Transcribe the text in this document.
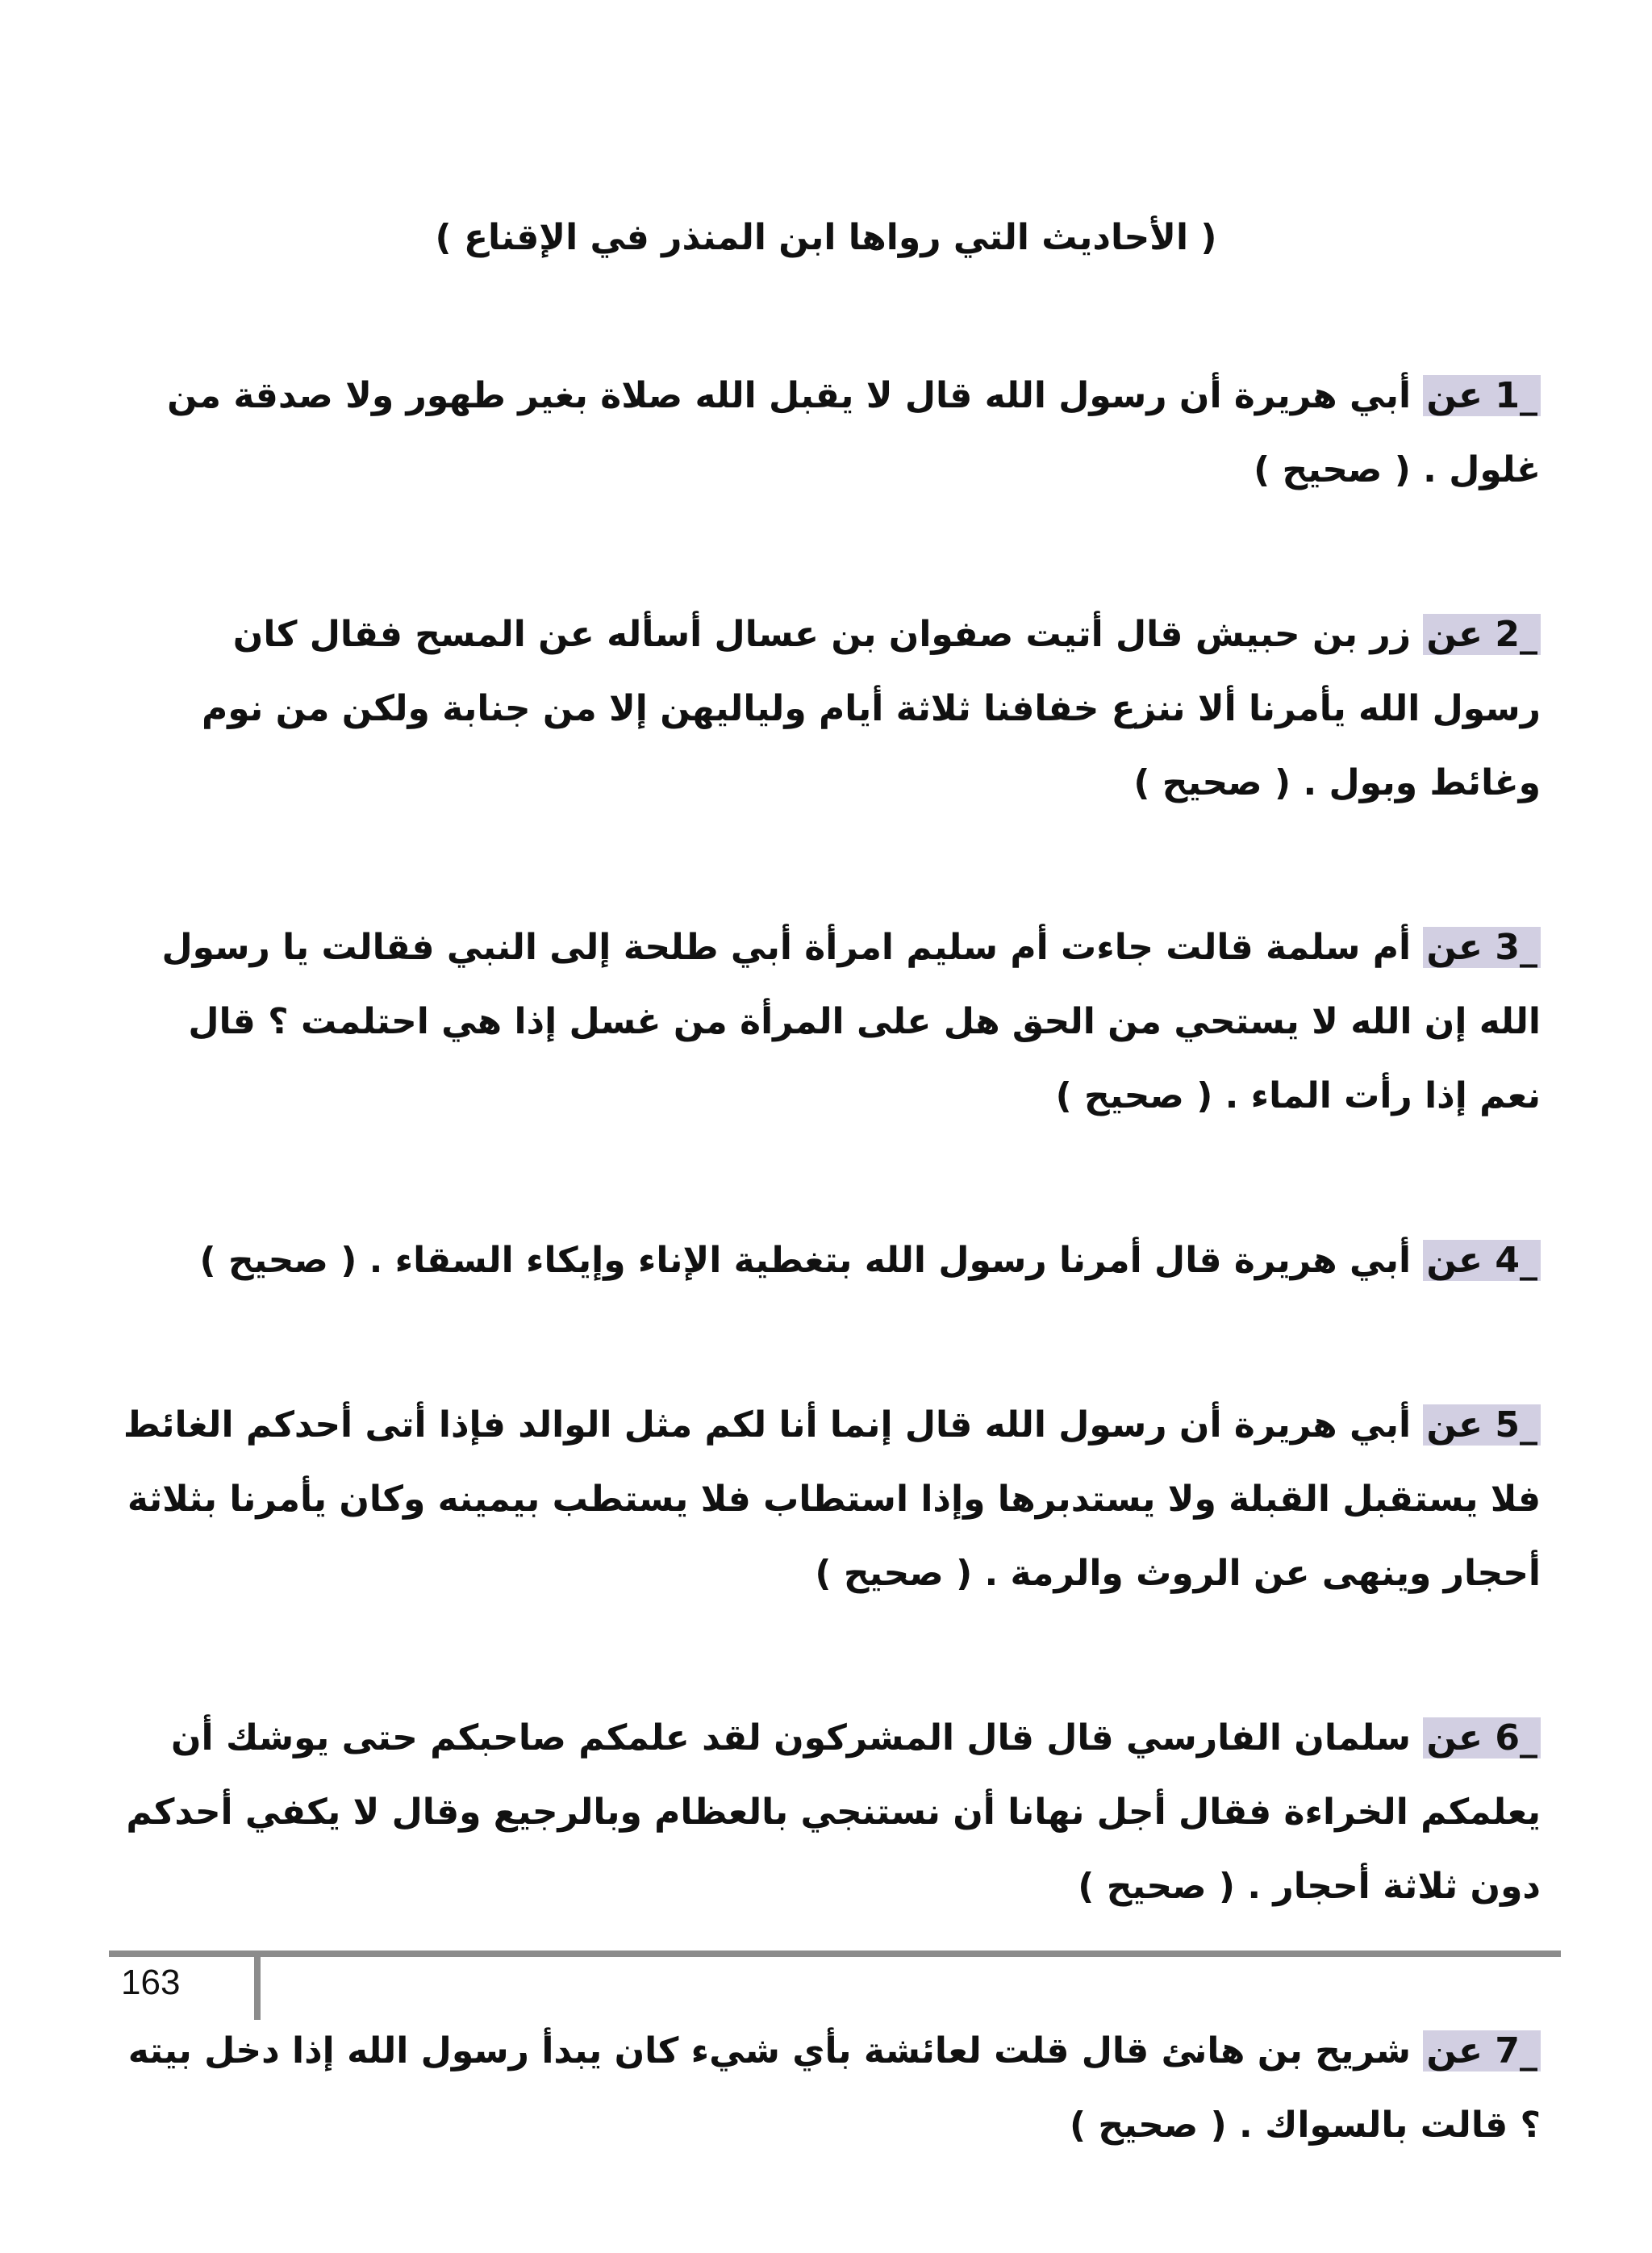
( الأحاديث التي رواها ابن المنذر في الإقناع )
1_ عن أبي هريرة أن رسول الله قال لا يقبل الله صلاة بغير طهور ولا صدقة من غلول . ( صحيح )
2_ عن زر بن حبيش قال أتيت صفوان بن عسال أسأله عن المسح فقال كان رسول الله يأمرنا ألا ننزع خفافنا ثلاثة أيام ولياليهن إلا من جنابة ولكن من نوم وغائط وبول . ( صحيح )
3_ عن أم سلمة قالت جاءت أم سليم امرأة أبي طلحة إلى النبي فقالت يا رسول الله إن الله لا يستحي من الحق هل على المرأة من غسل إذا هي احتلمت ؟ قال نعم إذا رأت الماء . ( صحيح )
4_ عن أبي هريرة قال أمرنا رسول الله بتغطية الإناء وإيكاء السقاء . ( صحيح )
5_ عن أبي هريرة أن رسول الله قال إنما أنا لكم مثل الوالد فإذا أتى أحدكم الغائط فلا يستقبل القبلة ولا يستدبرها وإذا استطاب فلا يستطب بيمينه وكان يأمرنا بثلاثة أحجار وينهى عن الروث والرمة . ( صحيح )
6_ عن سلمان الفارسي قال قال المشركون لقد علمكم صاحبكم حتى يوشك أن يعلمكم الخراءة فقال أجل نهانا أن نستنجي بالعظام وبالرجيع وقال لا يكفي أحدكم دون ثلاثة أحجار . ( صحيح )
7_ عن شريح بن هانئ قال قلت لعائشة بأي شيء كان يبدأ رسول الله إذا دخل بيته ؟ قالت بالسواك . ( صحيح )
163
